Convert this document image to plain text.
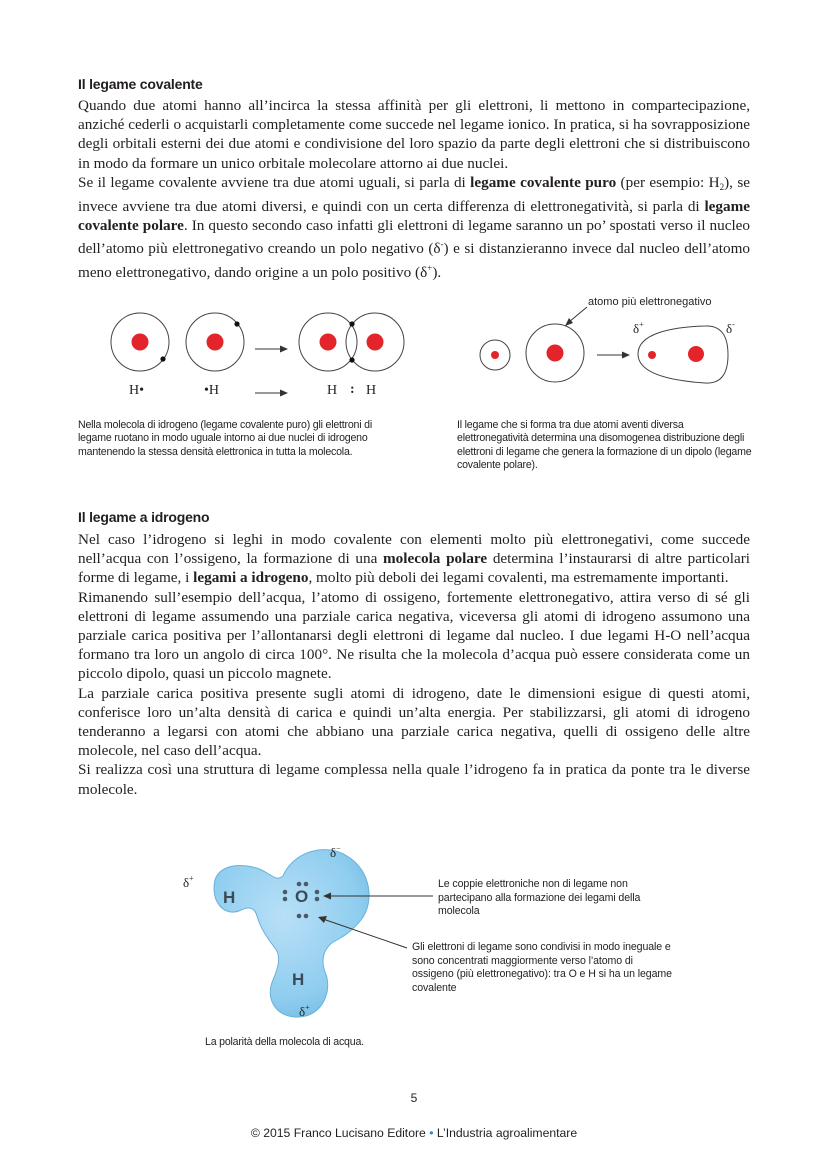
Il legame covalente

Quando due atomi hanno all’incirca la stessa affinità per gli elettroni, li mettono in compartecipazione, anziché cederli o acquistarli completamente come succede nel legame ionico. In pratica, si ha sovrapposizione degli orbitali esterni dei due atomi e condivisione del loro spazio da parte degli elettroni che si distribuiscono in modo da formare un unico orbitale molecolare attorno ai due nuclei.

Se il legame covalente avviene tra due atomi uguali, si parla di legame covalente puro (per esempio: $H_2$), se invece avviene tra due atomi diversi, e quindi con un certa differenza di elettronegatività, si parla di legame covalente polare. In questo secondo caso infatti gli elettroni di legame saranno un po’ spostati verso il nucleo dell’atomo più elettronegativo creando un polo negativo (δ-) e si distanzieranno invece dal nucleo dell’atomo meno elettronegativo, dando origine a un polo positivo (δ+).

H•	•H	H : H
Nella molecola di idrogeno (legame covalente puro) gli elettroni di legame ruotano in modo uguale intorno ai due nuclei di idrogeno mantenendo la stessa densità elettronica in tutta la molecola.
atomo più elettronegativo
δ+	δ-
Il legame che si forma tra due atomi aventi diversa elettronegatività determina una disomogenea distribuzione degli elettroni di legame che genera la formazione di un dipolo (legame covalente polare).
Il legame a idrogeno

Nel caso l’idrogeno si leghi in modo covalente con elementi molto più elettronegativi, come succede nell’acqua con l’ossigeno, la formazione di una molecola polare determina l’instaurarsi di altre particolari forme di legame, i legami a idrogeno, molto più deboli dei legami covalenti, ma estremamente importanti.

Rimanendo sull’esempio dell’acqua, l’atomo di ossigeno, fortemente elettronegativo, attira verso di sé gli elettroni di legame assumendo una parziale carica negativa, viceversa gli atomi di idrogeno assumono una parziale carica positiva per l’allontanarsi degli elettroni di legame dal nucleo. I due legami H-O nell’acqua formano tra loro un angolo di circa 100°. Ne risulta che la molecola d’acqua può essere considerata come un piccolo dipolo, quasi un piccolo magnete.

La parziale carica positiva presente sugli atomi di idrogeno, date le dimensioni esigue di questi atomi, conferisce loro un’alta densità di carica e quindi un’alta energia. Per stabilizzarsi, gli atomi di idrogeno tenderanno a legarsi con atomi che abbiano una parziale carica negativa, quelli di ossigeno delle altre molecole, nel caso dell’acqua.

Si realizza così una struttura di legame complessa nella quale l’idrogeno fa in pratica da ponte tra le diverse molecole.

H	O
H
δ+
δ−
δ+
Le coppie elettroniche non di legame non partecipano alla formazione dei legami della molecola
Gli elettroni di legame sono condivisi in modo ineguale e sono concentrati maggiormente verso l’atomo di ossigeno (più elettronegativo): tra O e H si ha un legame covalente
La polarità della molecola di acqua.
5
© 2015 Franco Lucisano Editore • L’Industria agroalimentare
